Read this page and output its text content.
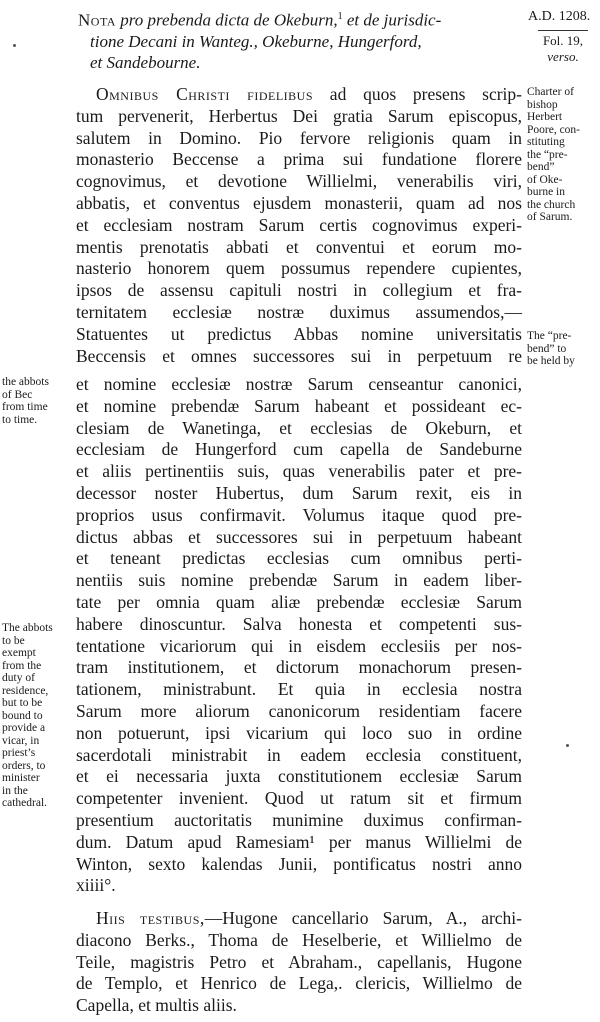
Nota pro prebenda dicta de Okeburn,$^1$ et de jurisdic-
tione Decani in Wanteg., Okeburne, Hungerford,
et Sandebourne.
A.D. 1208.
Fol. 19,
verso.
Omnibus Christi fidelibus ad quos presens scrip-
tum pervenerit, Herbertus Dei gratia Sarum episcopus,
salutem in Domino. Pio fervore religionis quam in
monasterio Beccense a prima sui fundatione florere
cognovimus, et devotione Willielmi, venerabilis viri,
abbatis, et conventus ejusdem monasterii, quam ad nos
et ecclesiam nostram Sarum certis cognovimus experi-
mentis prenotatis abbati et conventui et eorum mo-
nasterio honorem quem possumus rependere cupientes,
ipsos de assensu capituli nostri in collegium et fra-
ternitatem ecclesiæ nostræ duximus assumendos,—
Statuentes ut predictus Abbas nomine universitatis
Beccensis et omnes successores sui in perpetuum re
et nomine ecclesiæ nostræ Sarum censeantur canonici,
et nomine prebendæ Sarum habeant et possideant ec-
clesiam de Wanetinga, et ecclesias de Okeburn, et
ecclesiam de Hungerford cum capella de Sandeburne
et aliis pertinentiis suis, quas venerabilis pater et pre-
decessor noster Hubertus, dum Sarum rexit, eis in
proprios usus confirmavit. Volumus itaque quod pre-
dictus abbas et successores sui in perpetuum habeant
et teneant predictas ecclesias cum omnibus perti-
nentiis suis nomine prebendæ Sarum in eadem liber-
tate per omnia quam aliæ prebendæ ecclesiæ Sarum
habere dinoscuntur. Salva honesta et competenti sus-
tentatione vicariorum qui in eisdem ecclesiis per nos-
tram institutionem, et dictorum monachorum presen-
tationem, ministrabunt. Et quia in ecclesia nostra
Sarum more aliorum canonicorum residentiam facere
non potuerunt, ipsi vicarium qui loco suo in ordine
sacerdotali ministrabit in eadem ecclesia constituent,
et ei necessaria juxta constitutionem ecclesiæ Sarum
competenter invenient. Quod ut ratum sit et firmum
presentium auctoritatis munimine duximus confirman-
dum. Datum apud Ramesiam¹ per manus Willielmi de
Winton, sexto kalendas Junii, pontificatus nostri anno
xiiii°.
Hiis testibus,—Hugone cancellario Sarum, A., archi-
diacono Berks., Thoma de Heselberie, et Willielmo de
Teile, magistris Petro et Abraham., capellanis, Hugone
de Templo, et Henrico de Lega,. clericis, Willielmo de
Capella, et multis aliis.
Charter of
bishop
Herbert
Poore, con-
stituting
the “pre-
bend”
of Oke-
burne in
the church
of Sarum.
The “pre-
bend” to
be held by
the abbots
of Bec
from time
to time.
The abbots
to be
exempt
from the
duty of
residence,
but to be
bound to
provide a
vicar, in
priest’s
orders, to
minister
in the
cathedral.
